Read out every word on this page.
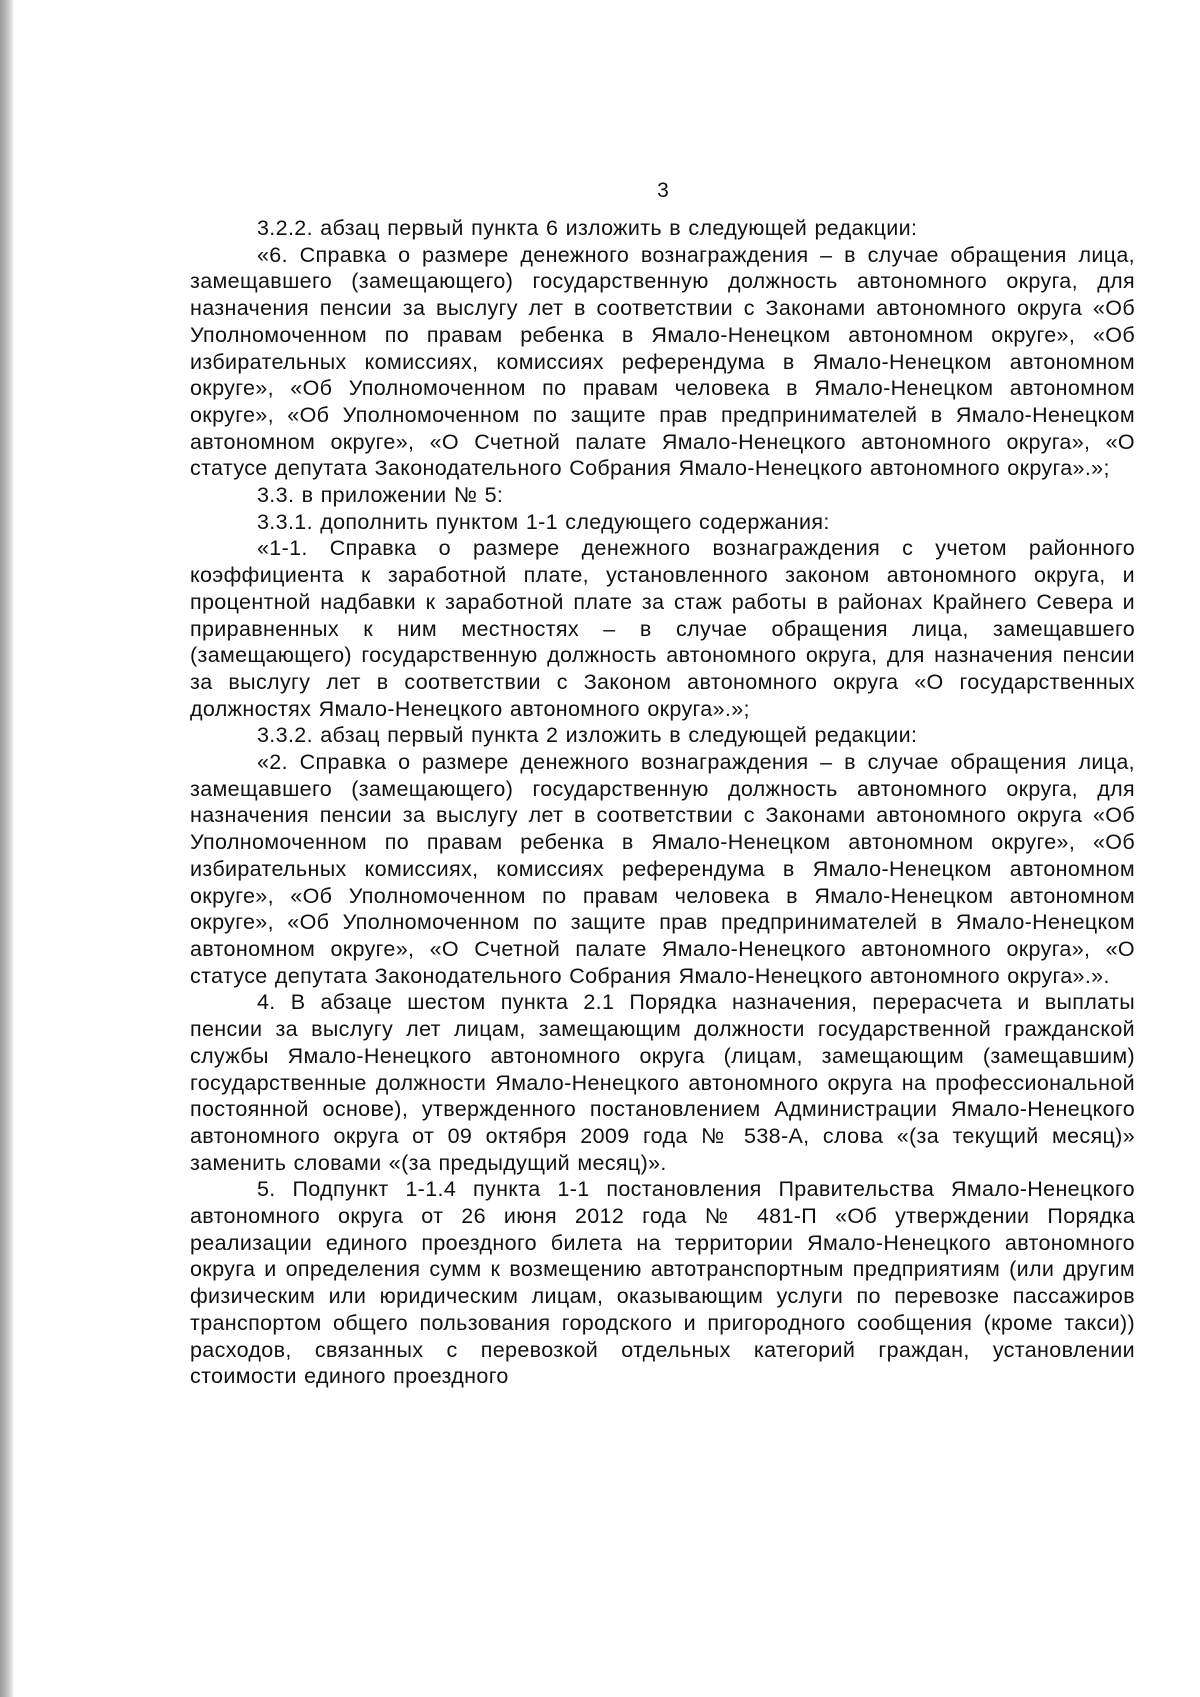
3

3.2.2. абзац первый пункта 6 изложить в следующей редакции:

«6. Справка о размере денежного вознаграждения – в случае обращения лица, замещавшего (замещающего) государственную должность автономного округа, для назначения пенсии за выслугу лет в соответствии с Законами автономного округа «Об Уполномоченном по правам ребенка в Ямало-Ненецком автономном округе», «Об избирательных комиссиях, комиссиях референдума в Ямало-Ненецком автономном округе», «Об Уполномоченном по правам человека в Ямало-Ненецком автономном округе», «Об Уполномоченном по защите прав предпринимателей в Ямало-Ненецком автономном округе», «О Счетной палате Ямало-Ненецкого автономного округа», «О статусе депутата Законодательного Собрания Ямало-Ненецкого автономного округа».»;

3.3. в приложении № 5:

3.3.1. дополнить пунктом 1-1 следующего содержания:

«1-1. Справка о размере денежного вознаграждения с учетом районного коэффициента к заработной плате, установленного законом автономного округа, и процентной надбавки к заработной плате за стаж работы в районах Крайнего Севера и приравненных к ним местностях – в случае обращения лица, замещавшего (замещающего) государственную должность автономного округа, для назначения пенсии за выслугу лет в соответствии с Законом автономного округа «О государственных должностях Ямало-Ненецкого автономного округа».»;

3.3.2. абзац первый пункта 2 изложить в следующей редакции:

«2. Справка о размере денежного вознаграждения – в случае обращения лица, замещавшего (замещающего) государственную должность автономного округа, для назначения пенсии за выслугу лет в соответствии с Законами автономного округа «Об Уполномоченном по правам ребенка в Ямало-Ненецком автономном округе», «Об избирательных комиссиях, комиссиях референдума в Ямало-Ненецком автономном округе», «Об Уполномоченном по правам человека в Ямало-Ненецком автономном округе», «Об Уполномоченном по защите прав предпринимателей в Ямало-Ненецком автономном округе», «О Счетной палате Ямало-Ненецкого автономного округа», «О статусе депутата Законодательного Собрания Ямало-Ненецкого автономного округа».».

4. В абзаце шестом пункта 2.1 Порядка назначения, перерасчета и выплаты пенсии за выслугу лет лицам, замещающим должности государственной гражданской службы Ямало-Ненецкого автономного округа (лицам, замещающим (замещавшим) государственные должности Ямало-Ненецкого автономного округа на профессиональной постоянной основе), утвержденного постановлением Администрации Ямало-Ненецкого автономного округа от 09 октября 2009 года № 538-А, слова «(за текущий месяц)» заменить словами «(за предыдущий месяц)».

5. Подпункт 1-1.4 пункта 1-1 постановления Правительства Ямало-Ненецкого автономного округа от 26 июня 2012 года № 481-П «Об утверждении Порядка реализации единого проездного билета на территории Ямало-Ненецкого автономного округа и определения сумм к возмещению автотранспортным предприятиям (или другим физическим или юридическим лицам, оказывающим услуги по перевозке пассажиров транспортом общего пользования городского и пригородного сообщения (кроме такси)) расходов, связанных с перевозкой отдельных категорий граждан, установлении стоимости единого проездного
